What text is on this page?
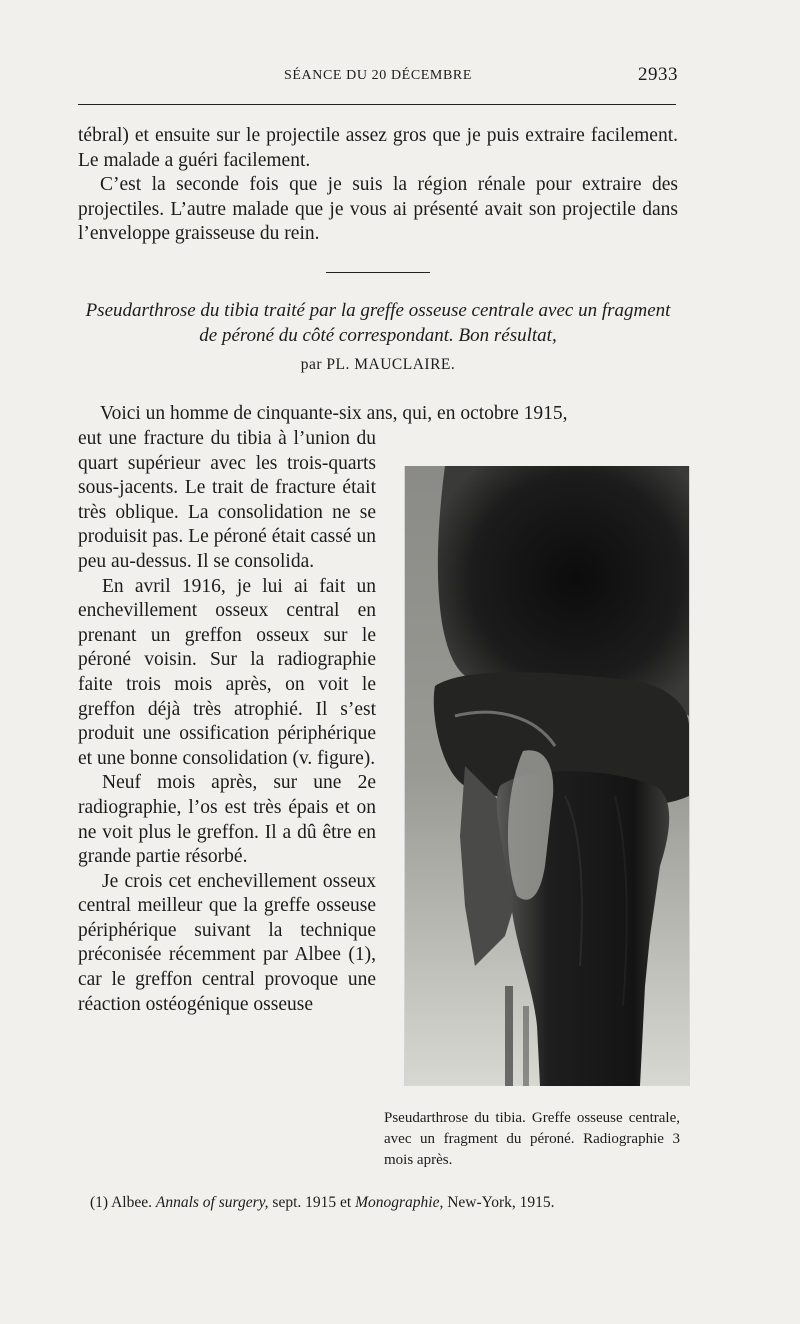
SÉANCE DU 20 DÉCEMBRE	2933

tébral) et ensuite sur le projectile assez gros que je puis extraire facilement. Le malade a guéri facilement.

C’est la seconde fois que je suis la région rénale pour extraire des projectiles. L’autre malade que je vous ai présenté avait son projectile dans l’enveloppe graisseuse du rein.

Pseudarthrose du tibia traité par la greffe osseuse centrale avec un fragment de péroné du côté correspondant. Bon résultat,

par PL. MAUCLAIRE.

Voici un homme de cinquante-six ans, qui, en octobre 1915,

eut une fracture du tibia à l’union du quart supérieur avec les trois-quarts sous-jacents. Le trait de fracture était très oblique. La consolidation ne se produisit pas. Le péroné était cassé un peu au-dessus. Il se consolida.

En avril 1916, je lui ai fait un enchevillement osseux central en prenant un greffon osseux sur le péroné voisin. Sur la radiographie faite trois mois après, on voit le greffon déjà très atrophié. Il s’est produit une ossification périphérique et une bonne consolidation (v. figure).

Neuf mois après, sur une 2e radiographie, l’os est très épais et on ne voit plus le greffon. Il a dû être en grande partie résorbé.

Je crois cet enchevillement osseux central meilleur que la greffe osseuse périphérique suivant la technique préconisée récemment par Albee (1), car le greffon central provoque une réaction ostéogénique osseuse

Pseudarthrose du tibia. Greffe osseuse centrale, avec un fragment du péroné. Radiographie 3 mois après.

(1) Albee. Annals of surgery, sept. 1915 et Monographie, New-York, 1915.
